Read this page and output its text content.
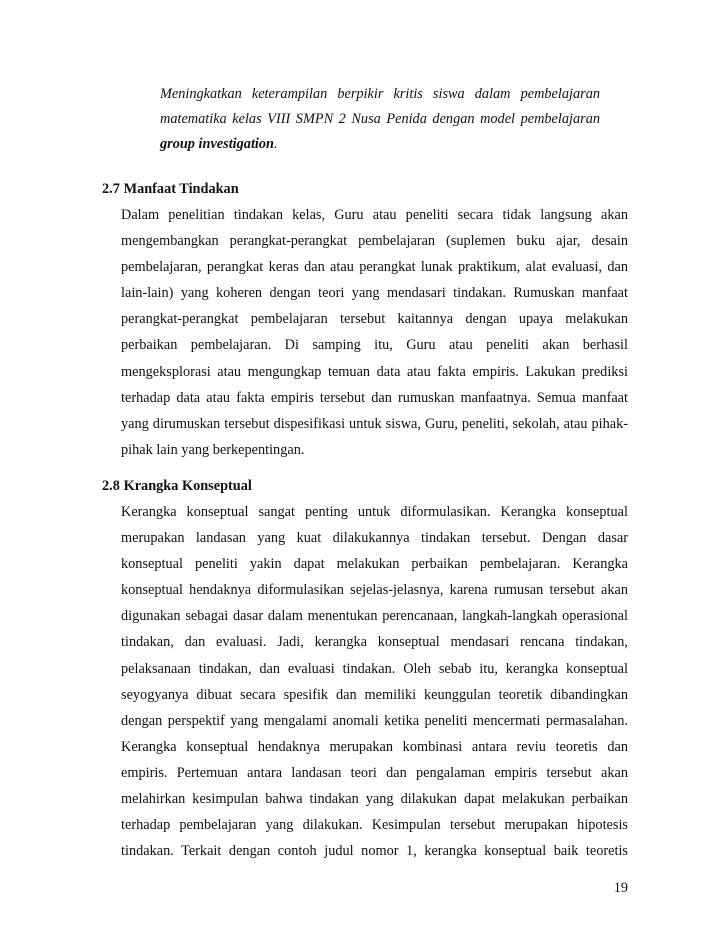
Meningkatkan keterampilan berpikir kritis siswa dalam pembelajaran
matematika kelas VIII SMPN 2 Nusa Penida dengan model pembelajaran
group investigation.
2.7 Manfaat Tindakan
Dalam penelitian tindakan kelas, Guru atau peneliti secara tidak langsung akan
mengembangkan perangkat-perangkat pembelajaran (suplemen buku ajar, desain
pembelajaran, perangkat keras dan atau perangkat lunak praktikum, alat evaluasi, dan
lain-lain) yang koheren dengan teori yang mendasari tindakan. Rumuskan manfaat
perangkat-perangkat pembelajaran tersebut kaitannya dengan upaya melakukan
perbaikan pembelajaran. Di samping itu, Guru atau peneliti akan berhasil
mengeksplorasi atau mengungkap temuan data atau fakta empiris. Lakukan prediksi
terhadap data atau fakta empiris tersebut dan rumuskan manfaatnya. Semua manfaat
yang dirumuskan tersebut dispesifikasi untuk siswa, Guru, peneliti, sekolah, atau pihak-
pihak lain yang berkepentingan.
2.8 Krangka Konseptual
Kerangka konseptual sangat penting untuk diformulasikan. Kerangka konseptual
merupakan landasan yang kuat dilakukannya tindakan tersebut. Dengan dasar
konseptual peneliti yakin dapat melakukan perbaikan pembelajaran. Kerangka
konseptual hendaknya diformulasikan sejelas-jelasnya, karena rumusan tersebut akan
digunakan sebagai dasar dalam menentukan perencanaan, langkah-langkah operasional
tindakan, dan evaluasi. Jadi, kerangka konseptual mendasari rencana tindakan,
pelaksanaan tindakan, dan evaluasi tindakan. Oleh sebab itu, kerangka konseptual
seyogyanya dibuat secara spesifik dan memiliki keunggulan teoretik dibandingkan
dengan perspektif yang mengalami anomali ketika peneliti mencermati permasalahan.
Kerangka konseptual hendaknya merupakan kombinasi antara reviu teoretis dan
empiris. Pertemuan antara landasan teori dan pengalaman empiris tersebut akan
melahirkan kesimpulan bahwa tindakan yang dilakukan dapat melakukan perbaikan
terhadap pembelajaran yang dilakukan. Kesimpulan tersebut merupakan hipotesis
tindakan. Terkait dengan contoh judul nomor 1, kerangka konseptual baik teoretis
19
